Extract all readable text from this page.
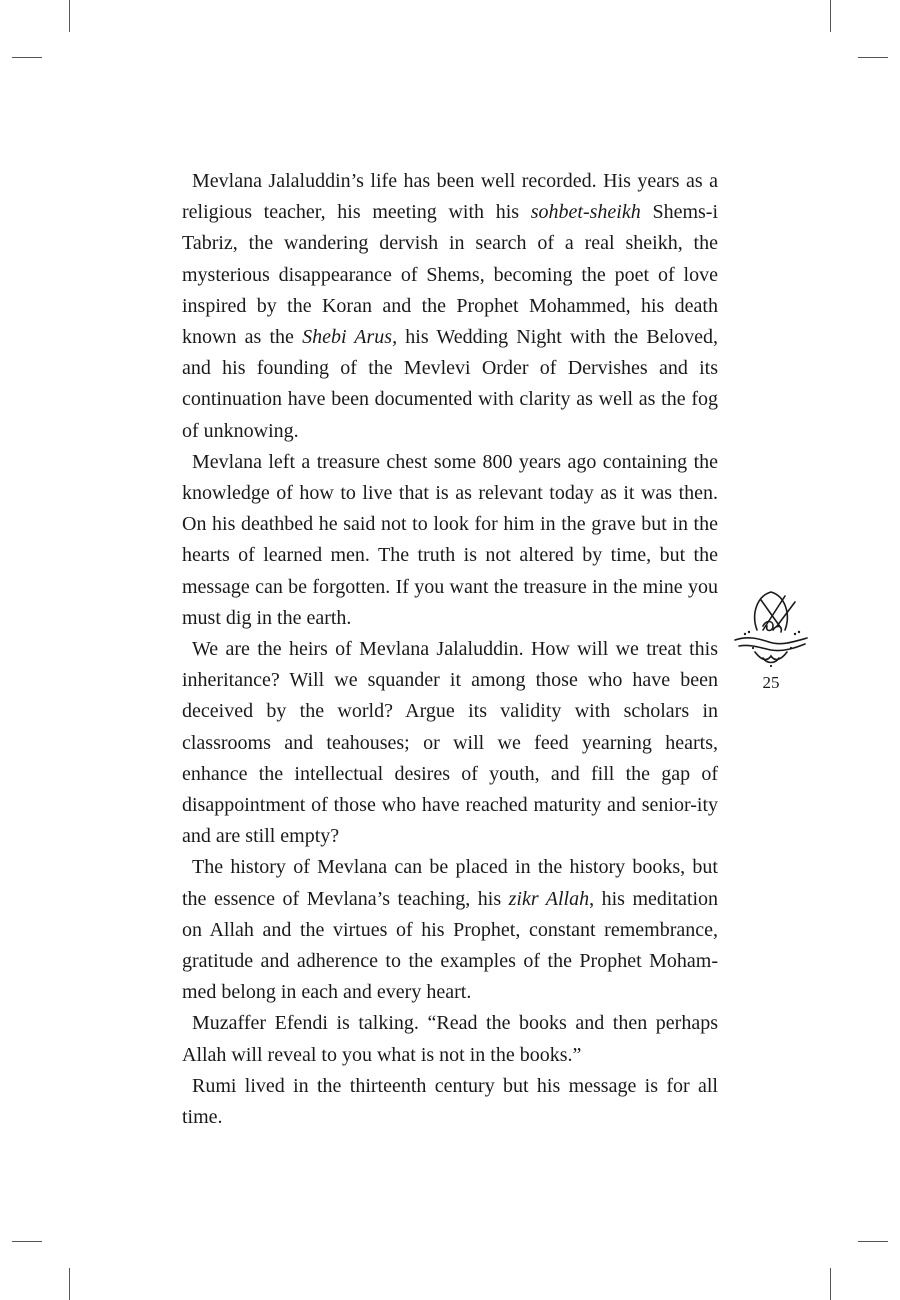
Mevlana Jalaluddin’s life has been well recorded. His years as a religious teacher, his meeting with his sohbet-sheikh Shems-i Tabriz, the wandering dervish in search of a real sheikh, the mysterious disappearance of Shems, becoming the poet of love inspired by the Koran and the Prophet Mohammed, his death known as the Shebi Arus, his Wedding Night with the Beloved, and his founding of the Mevlevi Order of Dervishes and its continuation have been documented with clarity as well as the fog of unknowing.

Mevlana left a treasure chest some 800 years ago containing the knowledge of how to live that is as relevant today as it was then. On his deathbed he said not to look for him in the grave but in the hearts of learned men. The truth is not altered by time, but the message can be forgotten. If you want the treasure in the mine you must dig in the earth.

We are the heirs of Mevlana Jalaluddin. How will we treat this inheritance? Will we squander it among those who have been deceived by the world? Argue its validity with scholars in classrooms and teahouses; or will we feed yearning hearts, enhance the intellectual desires of youth, and fill the gap of disappointment of those who have reached maturity and senior-ity and are still empty?

The history of Mevlana can be placed in the history books, but the essence of Mevlana’s teaching, his zikr Allah, his meditation on Allah and the virtues of his Prophet, constant remembrance, gratitude and adherence to the examples of the Prophet Moham-med belong in each and every heart.

Muzaffer Efendi is talking. “Read the books and then perhaps Allah will reveal to you what is not in the books.”

Rumi lived in the thirteenth century but his message is for all time.

25
